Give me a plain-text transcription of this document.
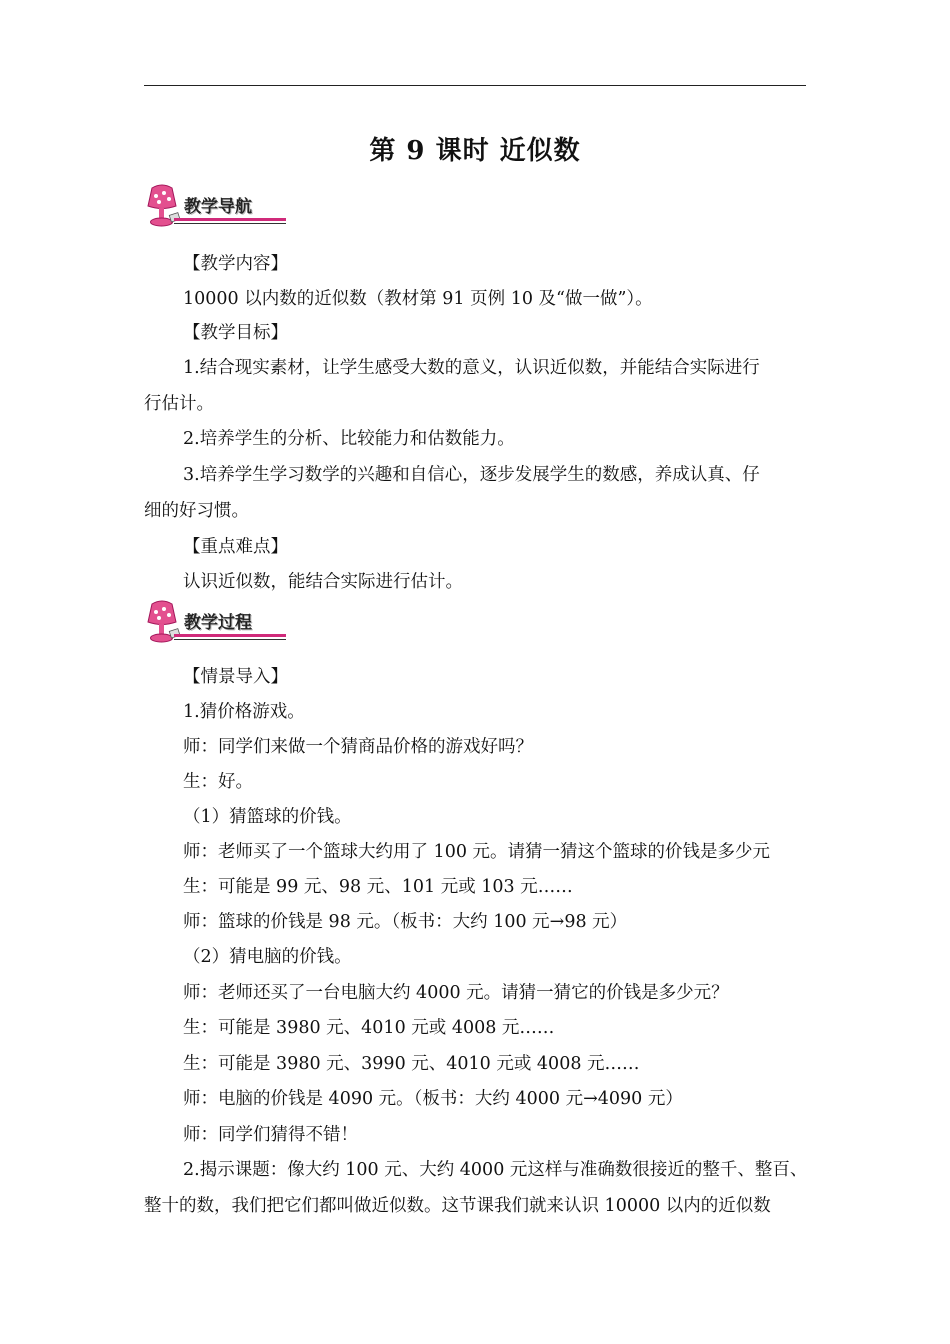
第 9 课时 近似数
教学导航
【教学内容】
10000 以内数的近似数（教材第 91 页例 10 及“做一做”）。
【教学目标】
1.结合现实素材，让学生感受大数的意义，认识近似数，并能结合实际进行
行估计。
2.培养学生的分析、比较能力和估数能力。
3.培养学生学习数学的兴趣和自信心，逐步发展学生的数感，养成认真、仔
细的好习惯。
【重点难点】
认识近似数，能结合实际进行估计。
教学过程
【情景导入】
1.猜价格游戏。
师：同学们来做一个猜商品价格的游戏好吗？
生：好。
（1）猜篮球的价钱。
师：老师买了一个篮球大约用了 100 元。请猜一猜这个篮球的价钱是多少元
生：可能是 99 元、98 元、101 元或 103 元……
师：篮球的价钱是 98 元。（板书：大约 100 元→98 元）
（2）猜电脑的价钱。
师：老师还买了一台电脑大约 4000 元。请猜一猜它的价钱是多少元？
生：可能是 3980 元、4010 元或 4008 元……
生：可能是 3980 元、3990 元、4010 元或 4008 元……
师：电脑的价钱是 4090 元。（板书：大约 4000 元→4090 元）
师：同学们猜得不错！
2.揭示课题：像大约 100 元、大约 4000 元这样与准确数很接近的整千、整百、
整十的数，我们把它们都叫做近似数。这节课我们就来认识 10000 以内的近似数
